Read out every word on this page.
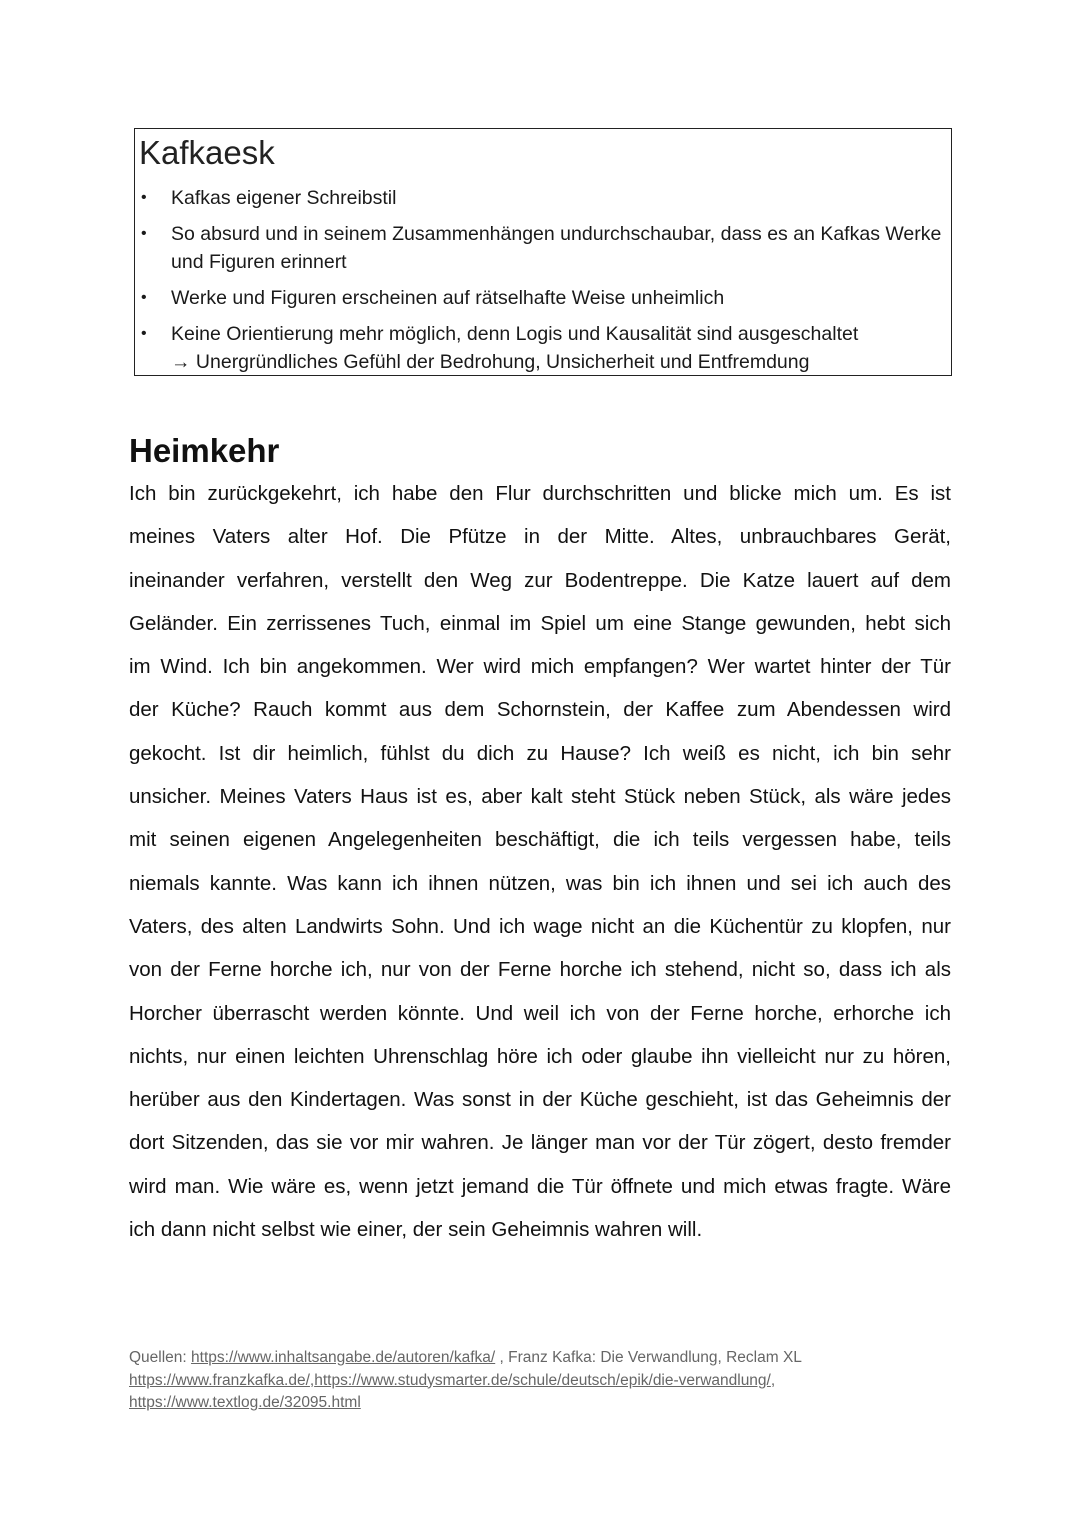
Kafkaesk
• Kafkas eigener Schreibstil
• So absurd und in seinem Zusammenhängen undurchschaubar, dass es an Kafkas Werke
und Figuren erinnert
• Werke und Figuren erscheinen auf rätselhafte Weise unheimlich
• Keine Orientierung mehr möglich, denn Logis und Kausalität sind ausgeschaltet
→ Unergründliches Gefühl der Bedrohung, Unsicherheit und Entfremdung
Heimkehr
Ich bin zurückgekehrt, ich habe den Flur durchschritten und blicke mich um. Es ist
meines Vaters alter Hof. Die Pfütze in der Mitte. Altes, unbrauchbares Gerät,
ineinander verfahren, verstellt den Weg zur Bodentreppe. Die Katze lauert auf dem
Geländer. Ein zerrissenes Tuch, einmal im Spiel um eine Stange gewunden, hebt sich
im Wind. Ich bin angekommen. Wer wird mich empfangen? Wer wartet hinter der Tür
der Küche? Rauch kommt aus dem Schornstein, der Kaffee zum Abendessen wird
gekocht. Ist dir heimlich, fühlst du dich zu Hause? Ich weiß es nicht, ich bin sehr
unsicher. Meines Vaters Haus ist es, aber kalt steht Stück neben Stück, als wäre jedes
mit seinen eigenen Angelegenheiten beschäftigt, die ich teils vergessen habe, teils
niemals kannte. Was kann ich ihnen nützen, was bin ich ihnen und sei ich auch des
Vaters, des alten Landwirts Sohn. Und ich wage nicht an die Küchentür zu klopfen, nur
von der Ferne horche ich, nur von der Ferne horche ich stehend, nicht so, dass ich als
Horcher überrascht werden könnte. Und weil ich von der Ferne horche, erhorche ich
nichts, nur einen leichten Uhrenschlag höre ich oder glaube ihn vielleicht nur zu hören,
herüber aus den Kindertagen. Was sonst in der Küche geschieht, ist das Geheimnis der
dort Sitzenden, das sie vor mir wahren. Je länger man vor der Tür zögert, desto fremder
wird man. Wie wäre es, wenn jetzt jemand die Tür öffnete und mich etwas fragte. Wäre
ich dann nicht selbst wie einer, der sein Geheimnis wahren will.
Quellen: https://www.inhaltsangabe.de/autoren/kafka/ , Franz Kafka: Die Verwandlung, Reclam XL
https://www.franzkafka.de/,https://www.studysmarter.de/schule/deutsch/epik/die-verwandlung/,
https://www.textlog.de/32095.html
